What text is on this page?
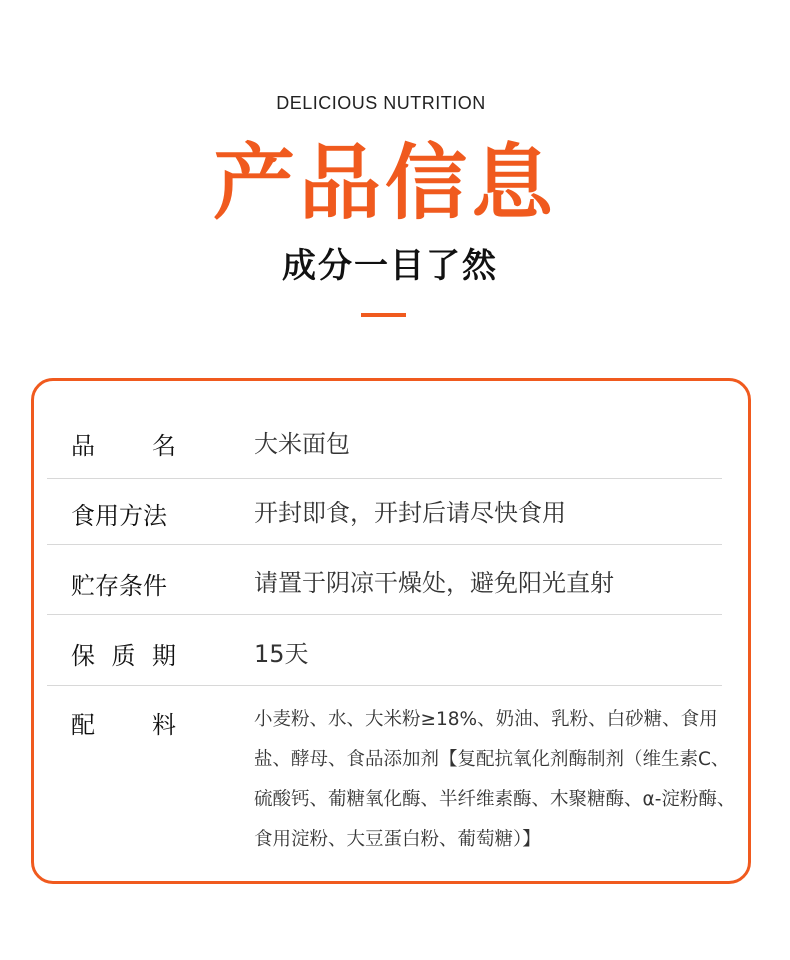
DELICIOUS NUTRITION
产品信息
成分一目了然
品 名	大米面包
食用方法	开封即食，开封后请尽快食用
贮存条件	请置于阴凉干燥处，避免阳光直射
保 质 期	15天
配 料	小麦粉、水、大米粉≥18%、奶油、乳粉、白砂糖、食用
盐、酵母、食品添加剂【复配抗氧化剂酶制剂（维生素C、
硫酸钙、葡糖氧化酶、半纤维素酶、木聚糖酶、α-淀粉酶、
食用淀粉、大豆蛋白粉、葡萄糖）】
